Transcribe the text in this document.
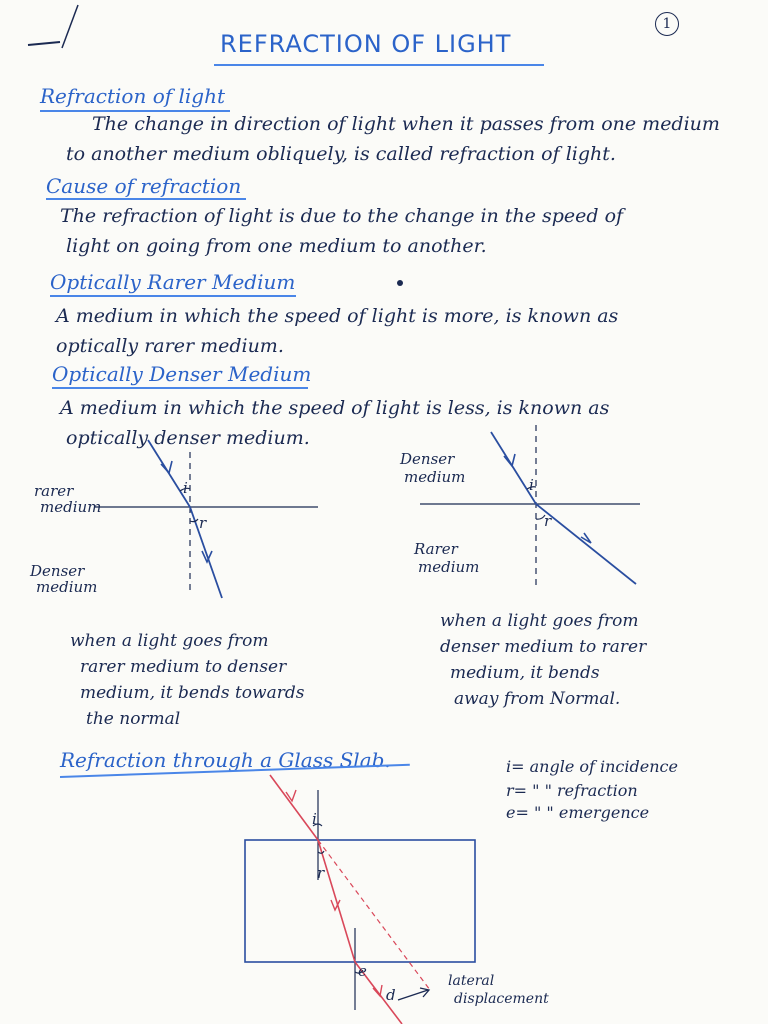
1
REFRACTION OF LIGHT
Refraction of light
The change in direction of light when it passes from one medium
to another medium obliquely, is called refraction of light.
Cause of refraction
The refraction of light is due to the change in the speed of
light on going from one medium to another.
Optically Rarer Medium
A medium in which the speed of light is more, is known as
optically rarer medium.
Optically Denser Medium
A medium in which the speed of light is less, is known as
optically denser medium.
i
r
rarer
medium
Denser
medium
i
r
Denser
medium
Rarer
medium
when a light goes from
rarer medium to denser
medium, it bends towards
the normal
when a light goes from
denser medium to rarer
medium, it bends
away from Normal.
Refraction through a Glass Slab.	i= angle of incidence
r= " " refraction
e= " " emergence
i
r
e
d
lateral
displacement
